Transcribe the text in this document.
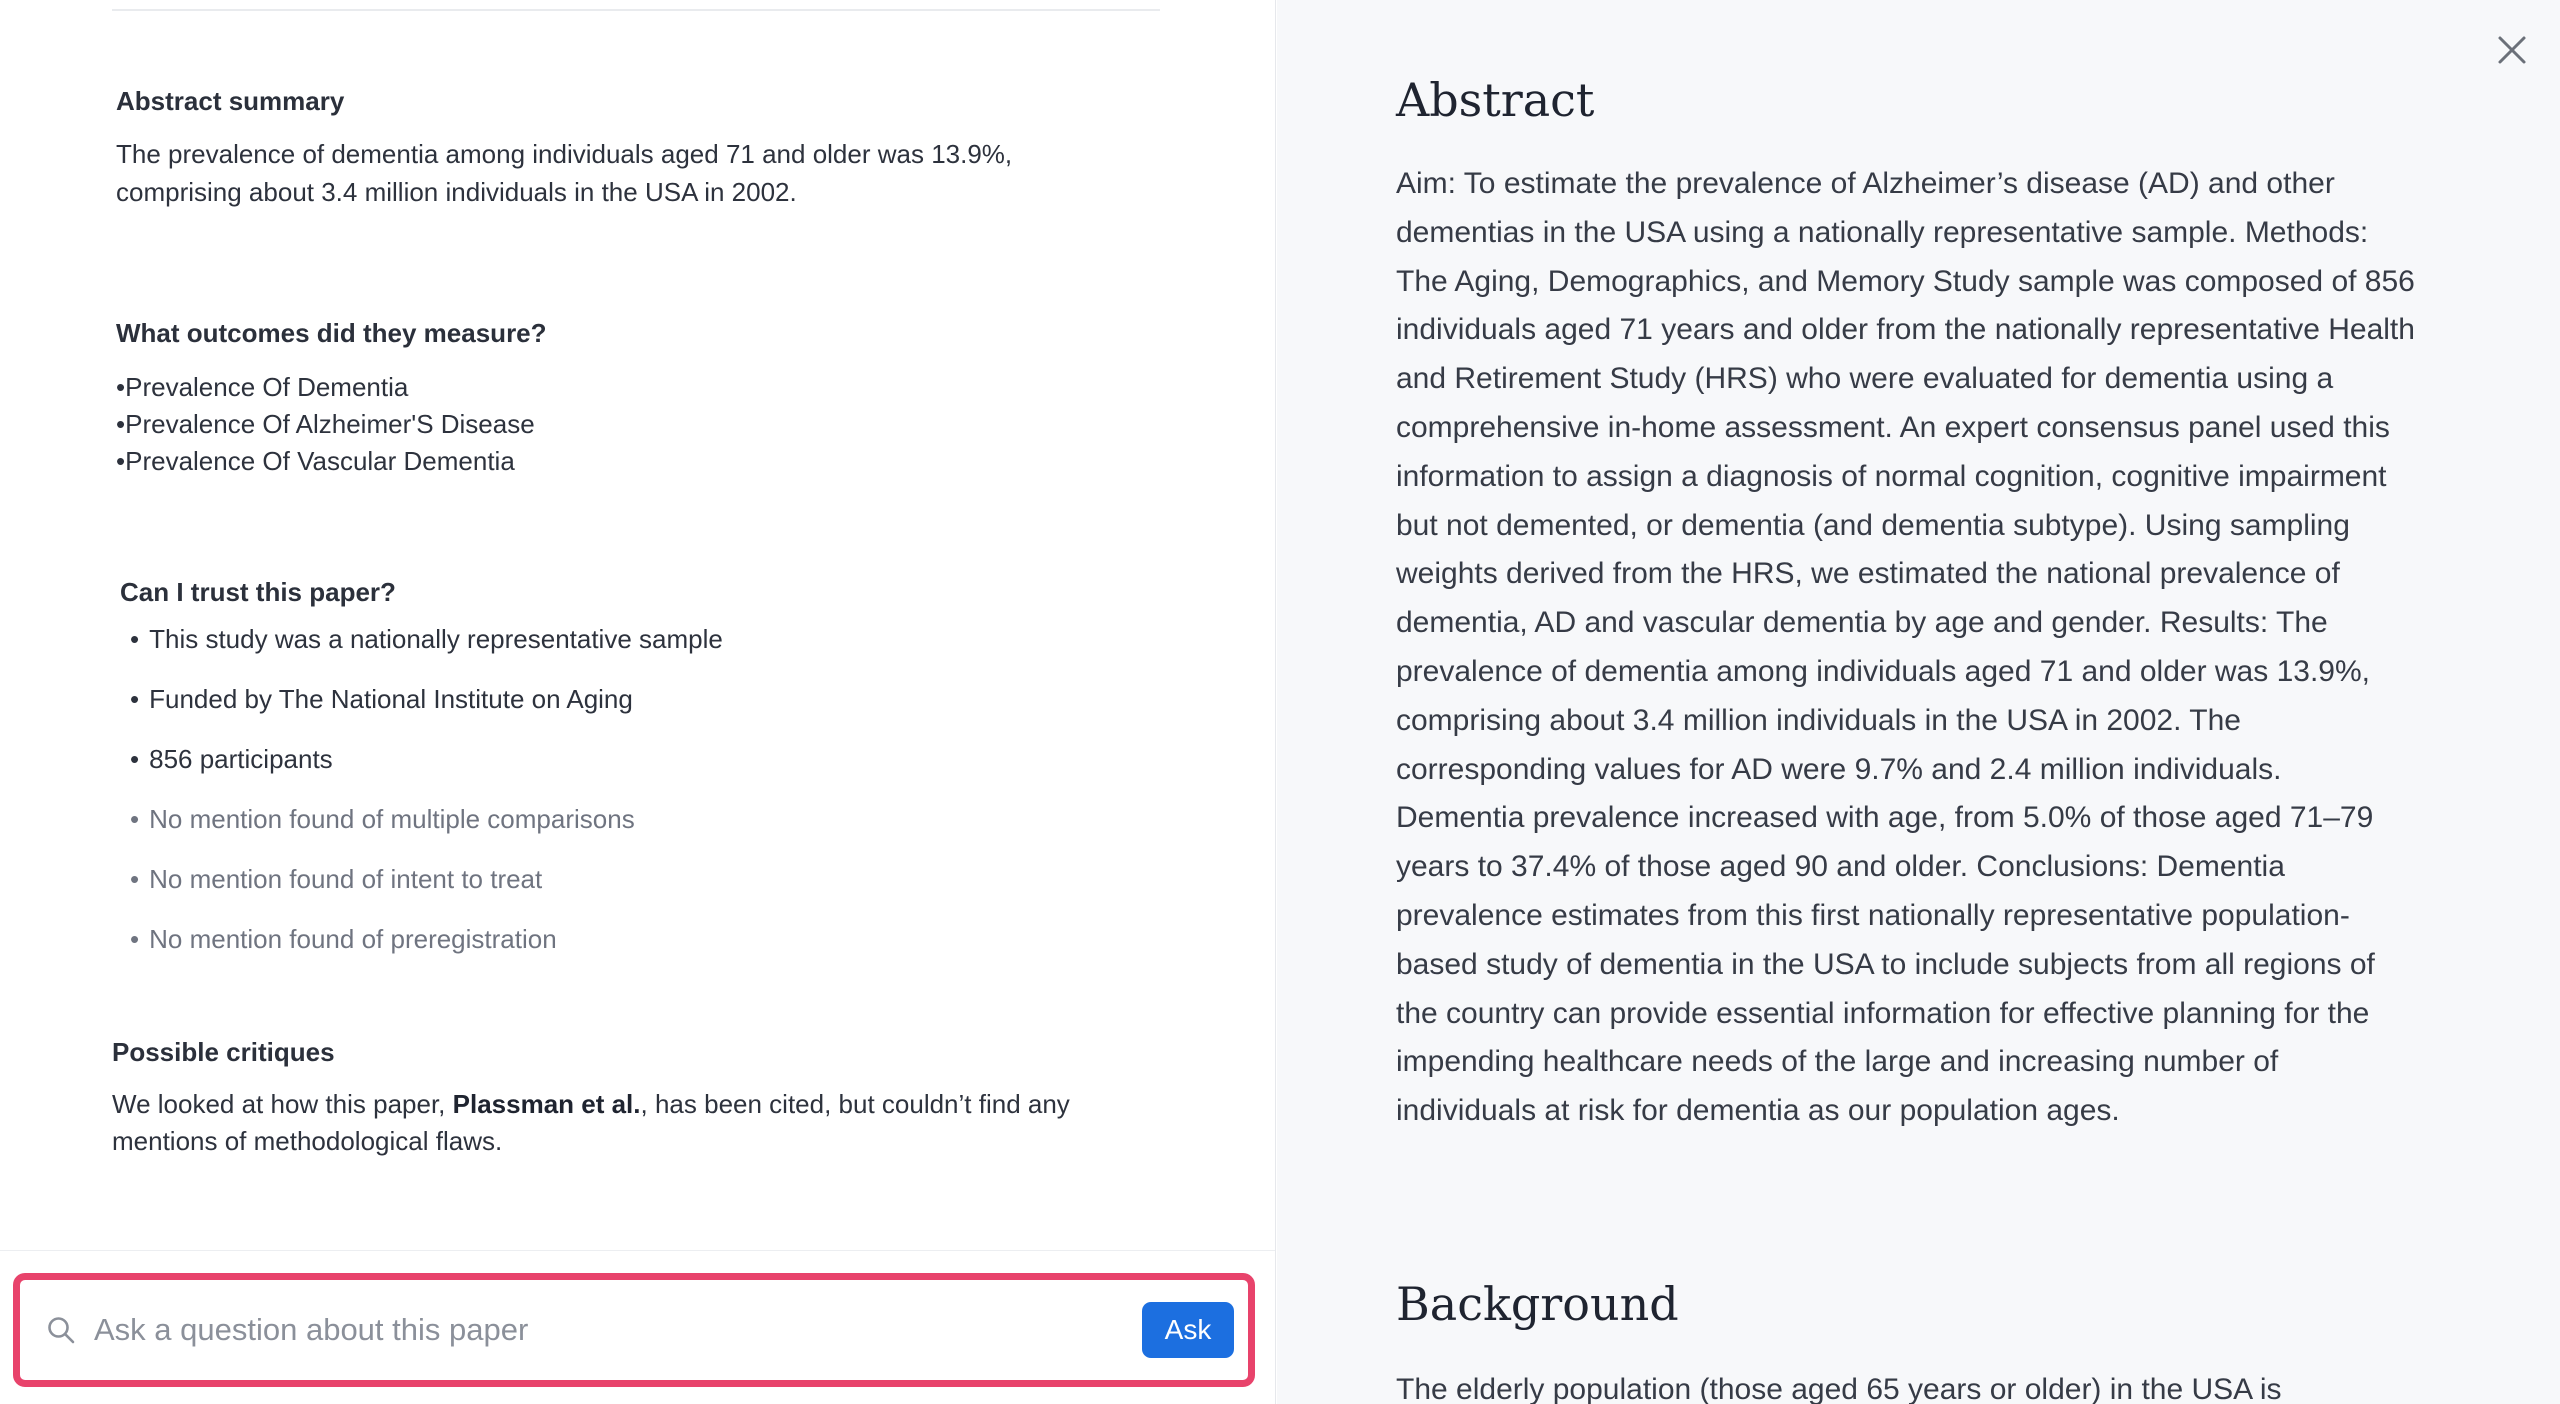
Abstract summary

The prevalence of dementia among individuals aged 71 and older was 13.9%, comprising about 3.4 million individuals in the USA in 2002.

What outcomes did they measure?
•Prevalence Of Dementia
•Prevalence Of Alzheimer'S Disease
•Prevalence Of Vascular Dementia
Can I trust this paper?
• This study was a nationally representative sample
• Funded by The National Institute on Aging
• 856 participants
• No mention found of multiple comparisons
• No mention found of intent to treat
• No mention found of preregistration
Possible critiques

We looked at how this paper, Plassman et al., has been cited, but couldn’t find any mentions of methodological flaws.

Ask a question about this paper
Ask
Abstract

Aim: To estimate the prevalence of Alzheimer’s disease (AD) and other dementias in the USA using a nationally representative sample. Methods: The Aging, Demographics, and Memory Study sample was composed of 856 individuals aged 71 years and older from the nationally representative Health and Retirement Study (HRS) who were evaluated for dementia using a comprehensive in-home assessment. An expert consensus panel used this information to assign a diagnosis of normal cognition, cognitive impairment but not demented, or dementia (and dementia subtype). Using sampling weights derived from the HRS, we estimated the national prevalence of dementia, AD and vascular dementia by age and gender. Results: The prevalence of dementia among individuals aged 71 and older was 13.9%, comprising about 3.4 million individuals in the USA in 2002. The corresponding values for AD were 9.7% and 2.4 million individuals. Dementia prevalence increased with age, from 5.0% of those aged 71–79 years to 37.4% of those aged 90 and older. Conclusions: Dementia prevalence estimates from this first nationally representative population-based study of dementia in the USA to include subjects from all regions of the country can provide essential information for effective planning for the impending healthcare needs of the large and increasing number of individuals at risk for dementia as our population ages.

Background

The elderly population (those aged 65 years or older) in the USA is
